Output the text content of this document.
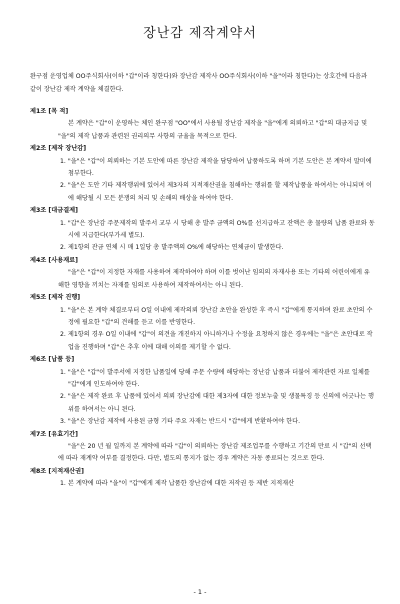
장난감 제작계약서
완구점 운영업체 OO주식회사(이하 "갑"이라 칭한다)와 장난감 제작사 OO주식회사(이하 "을"이라 칭한다)는 상호간에 다음과 같이 장난감 제작 계약을 체결한다.
제1조 [목 적]
본 계약은 "갑"이 운영하는 체인 완구점 "OO"에서 사용될 장난감 제작을 "을"에게 의뢰하고 "갑"의 대금지급 및 "을"의 제작 납품과 관련된 권리의무 사항의 규율을 목적으로 한다.
제2조 [제작 장난감]
1. "을"은 "갑"이 의뢰하는 기본 도안에 따른 장난감 제작을 담당하여 납품하도록 하며 기본 도안은 본 계약서 말미에 첨부한다.
2. "을"은 도안 기타 제작행위에 있어서 제3자의 지적재산권을 침해하는 행위를 할 제작납품을 하여서는 아니되며 이에 해당될 시 모든 분쟁의 처리 및 손해의 배상을 하여야 한다.
제3조 [대금결제]
1. "갑"은 장난감 주문제작의 발주서 교부 시 당해 총 발주 금액의 O%를 선지급하고 잔액은 총 물량의 납품 완료와 동시에 지급한다(부가세 별도).
2. 제1항의 잔금 연체 시 매 1일당 총 발주액의 O%에 해당하는 연체금이 발생한다.
제4조 [사용재료]
"을"은 "갑"이 지정한 자재를 사용하여 제작하여야 하며 이를 벗어난 임의의 자재사용 또는 기타의 어린이에게 유해한 영향을 끼치는 자재를 임의로 사용하여 제작하여서는 아니 된다.
제5조 [제작 진행]
1. "을"은 본 계약 체결로부터 O일 이내에 제작의뢰 장난감 초안을 완성한 후 즉시 "갑"에게 통지하며 완료 초안의 수정에 필요한 "갑"의 견해를 듣고 이를 반영한다.
2. 제1항의 경우 O일 이내에 "갑"이 의견을 개진하지 아니하거나 수정을 요청하지 않은 경우에는 "을"은 초안대로 작업을 진행하며 "갑"은 추후 이에 대해 이의를 제기할 수 없다.
제6조 [납품 등]
1. "을"은 "갑"이 발주서에 지정한 납품일에 당해 주문 수량에 해당하는 장난감 납품과 더불어 제작관련 자료 일체를 "갑"에게 인도하여야 한다.
2. "을"은 제작 완료 후 납품에 있어서 의뢰 장난감에 대한 제3자에 대한 정보누출 및 생물특징 등 신의에 어긋나는 행위를 하여서는 아니 된다.
3. "을"은 장난감 제작에 사용된 금형 기타 주요 자재는 반드시 "갑"에게 반환하여야 한다.
제7조 [유효기간]
"을"은 20 년 월 일까지 본 계약에 따라 "갑"이 의뢰하는 장난감 제조업무를 수행하고 기간의 만료 시 "갑"의 선택에 따라 재계약 여부를 결정한다. 다만, 별도의 통지가 없는 경우 계약은 자동 종료되는 것으로 한다.
제8조 [지적재산권]
1. 본 계약에 따라 "을"이 "갑"에게 제작 납품한 장난감에 대한 저작권 등 제반 지적재산
- 1 -
